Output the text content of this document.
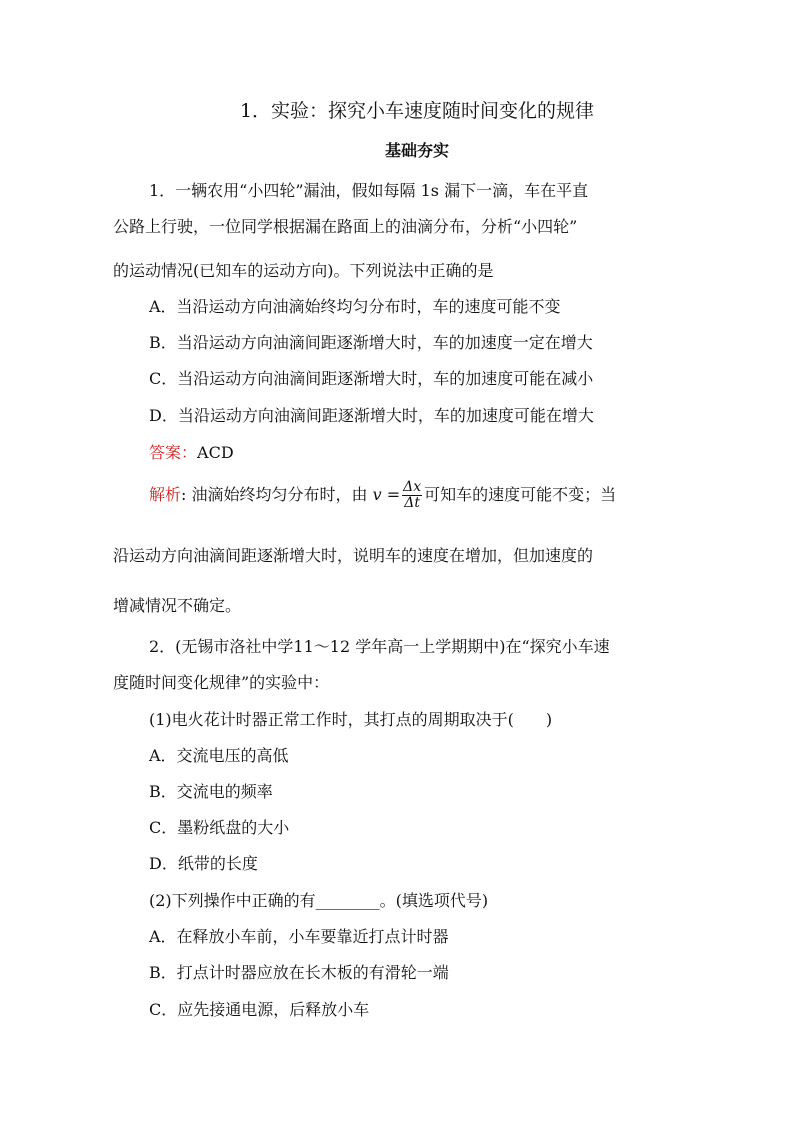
1．实验：探究小车速度随时间变化的规律
基础夯实
1．一辆农用“小四轮”漏油，假如每隔 1s 漏下一滴，车在平直
公路上行驶，一位同学根据漏在路面上的油滴分布，分析“小四轮”
的运动情况(已知车的运动方向)。下列说法中正确的是
A．当沿运动方向油滴始终均匀分布时，车的速度可能不变
B．当沿运动方向油滴间距逐渐增大时，车的加速度一定在增大
C．当沿运动方向油滴间距逐渐增大时，车的加速度可能在减小
D．当沿运动方向油滴间距逐渐增大时，车的加速度可能在增大
答案：ACD
解析: 油滴始终均匀分布时，由 $v = \frac{\Delta x}{\Delta t}$ 可知车的速度可能不变；当
沿运动方向油滴间距逐渐增大时，说明车的速度在增加，但加速度的
增减情况不确定。
2．(无锡市洛社中学11～12 学年高一上学期期中)在“探究小车速
度随时间变化规律”的实验中：
(1)电火花计时器正常工作时，其打点的周期取决于(　　)
A．交流电压的高低
B．交流电的频率
C．墨粉纸盘的大小
D．纸带的长度
(2)下列操作中正确的有________。(填选项代号)
A．在释放小车前，小车要靠近打点计时器
B．打点计时器应放在长木板的有滑轮一端
C．应先接通电源，后释放小车
